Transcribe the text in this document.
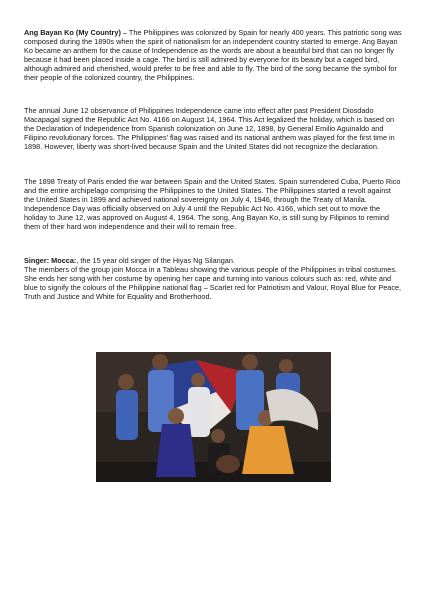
Ang Bayan Ko (My Country) – The Philippines was colonized by Spain for nearly 400 years. This patriotic song was composed during the 1890s when the spirit of nationalism for an independent country started to emerge. Ang Bayan Ko became an anthem for the cause of Independence as the words are about a beautiful bird that can no longer fly because it had been placed inside a cage. The bird is still admired by everyone for its beauty but a caged bird, although admired and cherished, would prefer to be free and able to fly. The bird of the song became the symbol for their people of the colonized country, the Philippines.

The annual June 12 observance of Philippines Independence came into effect after past President Diosdado Macapagal signed the Republic Act No. 4166 on August 14, 1964. This Act legalized the holiday, which is based on the Declaration of Independence from Spanish colonization on June 12, 1898, by General Emilio Aguinaldo and Filipino revolutionary forces. The Philippines’ flag was raised and its national anthem was played for the first time in 1898. However, liberty was short-lived because Spain and the United States did not recognize the declaration.

The 1898 Treaty of Paris ended the war between Spain and the United States. Spain surrendered Cuba, Puerto Rico and the entire archipelago comprising the Philippines to the United States. The Philippines started a revolt against the United States in 1899 and achieved national sovereignty on July 4, 1946, through the Treaty of Manila. Independence Day was officially observed on July 4 until the Republic Act No. 4166, which set out to move the holiday to June 12, was approved on August 4, 1964. The song, Ang Bayan Ko, is still sung by Filipinos to remind them of their hard won independence and their will to remain free.

Singer: Mocca:, the 15 year old singer of the Hiyas Ng Silangan.
The members of the group join Mocca in a Tableau showing the various people of the Philippines in tribal costumes. She ends her song with her costume by opening her cape and turning into various colours such as: red, white and blue to signify the colours of the Philippine national flag – Scarlet red for Patriotism and Valour, Royal Blue for Peace, Truth and Justice and White for Equality and Brotherhood.
